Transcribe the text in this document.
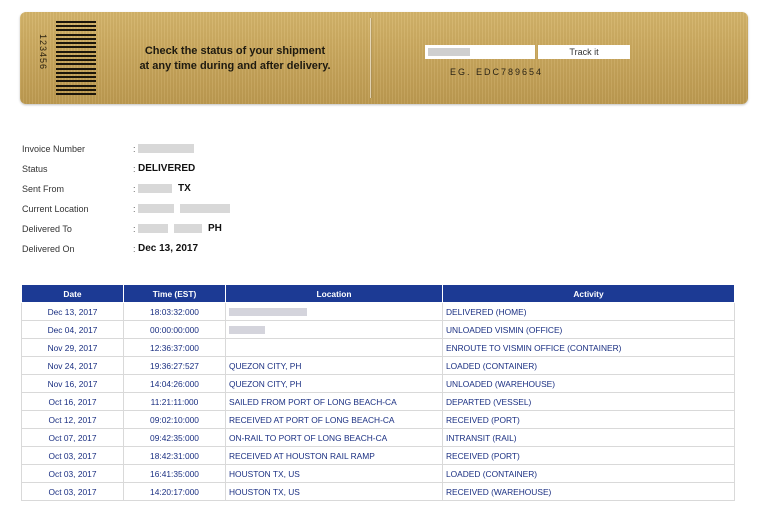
123456	Check the status of your shipment
at any time during and after delivery.
Track it
EG. EDC789654
Invoice Number	:
Status	: DELIVERED
Sent From	:	TX
Current Location	:
Delivered To	:	PH
Delivered On	: Dec 13, 2017
Date	Time (EST)	Location	Activity
Dec 13, 2017	18:03:32:000		DELIVERED (HOME)
Dec 04, 2017	00:00:00:000		UNLOADED VISMIN (OFFICE)
Nov 29, 2017	12:36:37:000		ENROUTE TO VISMIN OFFICE (CONTAINER)
Nov 24, 2017	19:36:27:527	QUEZON CITY, PH	LOADED (CONTAINER)
Nov 16, 2017	14:04:26:000	QUEZON CITY, PH	UNLOADED (WAREHOUSE)
Oct 16, 2017	11:21:11:000	SAILED FROM PORT OF LONG BEACH-CA	DEPARTED (VESSEL)
Oct 12, 2017	09:02:10:000	RECEIVED AT PORT OF LONG BEACH-CA	RECEIVED (PORT)
Oct 07, 2017	09:42:35:000	ON-RAIL TO PORT OF LONG BEACH-CA	INTRANSIT (RAIL)
Oct 03, 2017	18:42:31:000	RECEIVED AT HOUSTON RAIL RAMP	RECEIVED (PORT)
Oct 03, 2017	16:41:35:000	HOUSTON TX, US	LOADED (CONTAINER)
Oct 03, 2017	14:20:17:000	HOUSTON TX, US	RECEIVED (WAREHOUSE)
